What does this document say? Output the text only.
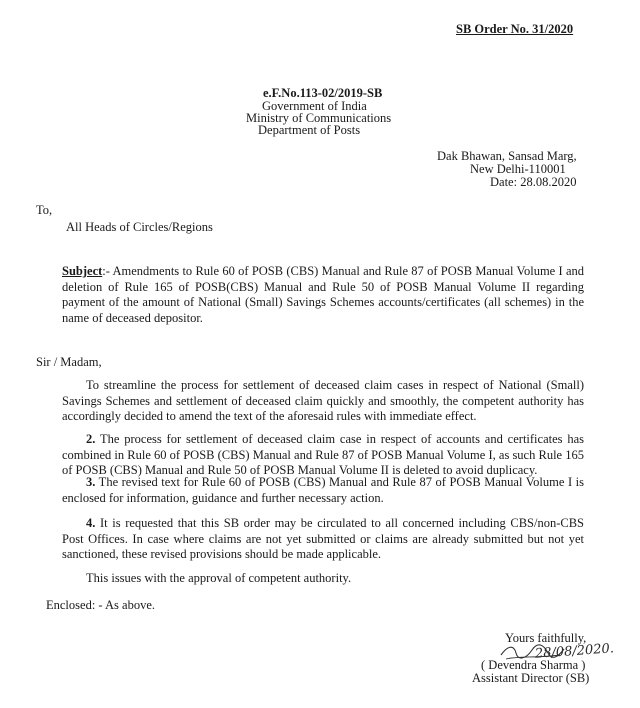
SB Order No. 31/2020
e.F.No.113-02/2019-SB
Government of India
Ministry of Communications
Department of Posts
Dak Bhawan, Sansad Marg,
New Delhi-110001
Date: 28.08.2020
To,
All Heads of Circles/Regions
Subject:- Amendments to Rule 60 of POSB (CBS) Manual and Rule 87 of POSB Manual Volume I and deletion of Rule 165 of POSB(CBS) Manual and Rule 50 of POSB Manual Volume II regarding payment of the amount of National (Small) Savings Schemes accounts/certificates (all schemes) in the name of deceased depositor.
Sir / Madam,
To streamline the process for settlement of deceased claim cases in respect of National (Small) Savings Schemes and settlement of deceased claim quickly and smoothly, the competent authority has accordingly decided to amend the text of the aforesaid rules with immediate effect.
2. The process for settlement of deceased claim case in respect of accounts and certificates has combined in Rule 60 of POSB (CBS) Manual and Rule 87 of POSB Manual Volume I, as such Rule 165 of POSB (CBS) Manual and Rule 50 of POSB Manual Volume II is deleted to avoid duplicacy.
3. The revised text for Rule 60 of POSB (CBS) Manual and Rule 87 of POSB Manual Volume I is enclosed for information, guidance and further necessary action.
4. It is requested that this SB order may be circulated to all concerned including CBS/non-CBS Post Offices. In case where claims are not yet submitted or claims are already submitted but not yet sanctioned, these revised provisions should be made applicable.
This issues with the approval of competent authority.
Enclosed: - As above.
Yours faithfully,
28/08/2020.
( Devendra Sharma )
Assistant Director (SB)
